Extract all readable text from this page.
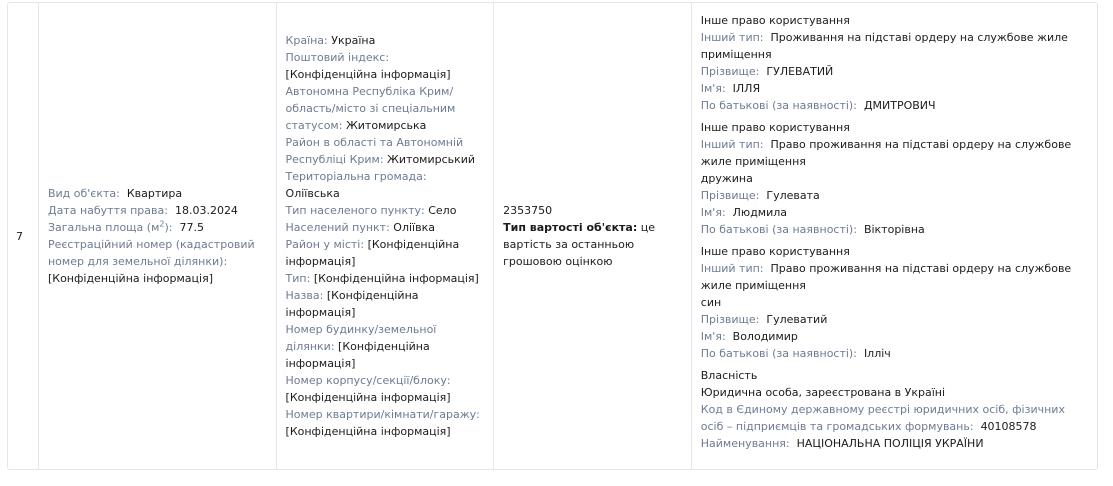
7
Вид об'єкта: Квартира
Дата набуття права: 18.03.2024
Загальна площа $(м^2)$: 77.5
Реєстраційний номер (кадастровий номер для земельної ділянки):
[Конфіденційна інформація]
Країна: Україна
Поштовий індекс: [Конфіденційна інформація]
Автономна Республіка Крим/область/місто зі спеціальним статусом: Житомирська
Район в області та Автономній Республіці Крим: Житомирський
Територіальна громада: Оліївська
Тип населеного пункту: Село
Населений пункт: Оліївка
Район у місті: [Конфіденційна інформація]
Тип: [Конфіденційна інформація]
Назва: [Конфіденційна інформація]
Номер будинку/земельної ділянки: [Конфіденційна інформація]
Номер корпусу/секції/блоку: [Конфіденційна інформація]
Номер квартири/кімнати/гаражу: [Конфіденційна інформація]
2353750
Тип вартості об'єкта: це вартість за останньою грошовою оцінкою
Інше право користування
Інший тип: Проживання на підставі ордеру на службове жиле приміщення
Прізвище: ГУЛЕВАТИЙ
Ім'я: ІЛЛЯ
По батькові (за наявності): ДМИТРОВИЧ
Інше право користування
Інший тип: Право проживання на підставі ордеру на службове жиле приміщення
дружина
Прізвище: Гулевата
Ім'я: Людмила
По батькові (за наявності): Вікторівна
Інше право користування
Інший тип: Право проживання на підставі ордеру на службове жиле приміщення
син
Прізвище: Гулеватий
Ім'я: Володимир
По батькові (за наявності): Ілліч
Власність
Юридична особа, зареєстрована в Україні
Код в Єдиному державному реєстрі юридичних осіб, фізичних осіб – підприємців та громадських формувань: 40108578
Найменування: НАЦІОНАЛЬНА ПОЛІЦІЯ УКРАЇНИ
